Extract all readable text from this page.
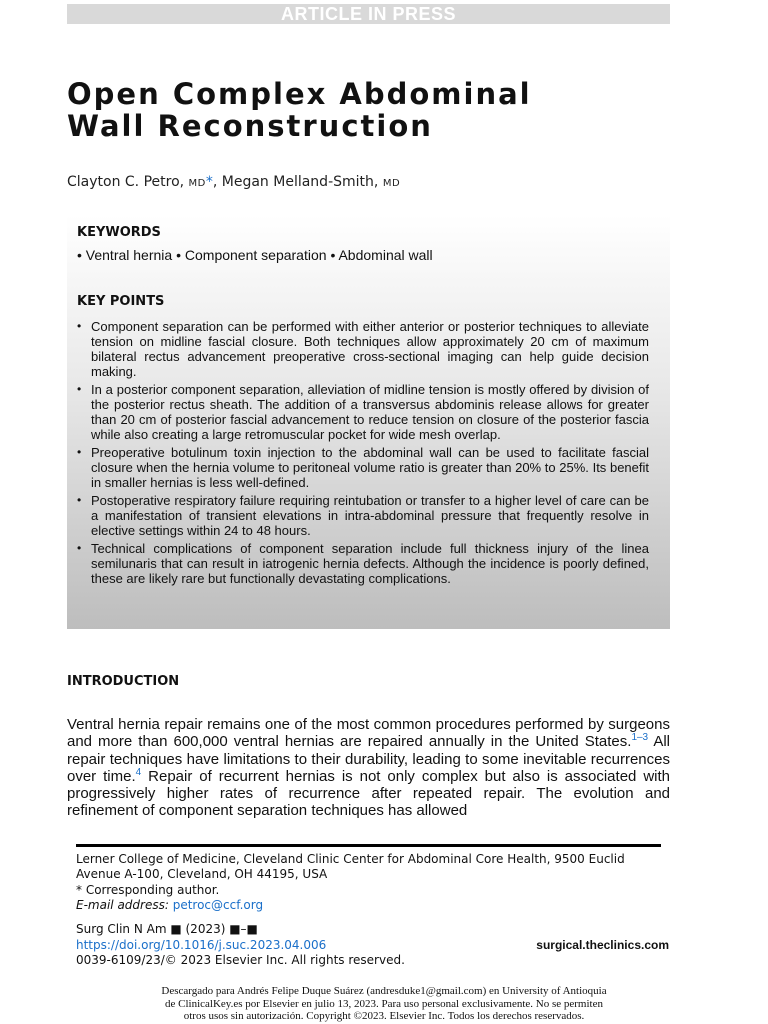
ARTICLE IN PRESS
Open Complex Abdominal
Wall Reconstruction
Clayton C. Petro, MD*, Megan Melland-Smith, MD
KEYWORDS
• Ventral hernia • Component separation • Abdominal wall
KEY POINTS
• Component separation can be performed with either anterior or posterior techniques to alleviate tension on midline fascial closure. Both techniques allow approximately 20 cm of maximum bilateral rectus advancement preoperative cross-sectional imaging can help guide decision making.
• In a posterior component separation, alleviation of midline tension is mostly offered by division of the posterior rectus sheath. The addition of a transversus abdominis release allows for greater than 20 cm of posterior fascial advancement to reduce tension on closure of the posterior fascia while also creating a large retromuscular pocket for wide mesh overlap.
• Preoperative botulinum toxin injection to the abdominal wall can be used to facilitate fascial closure when the hernia volume to peritoneal volume ratio is greater than 20% to 25%. Its benefit in smaller hernias is less well-defined.
• Postoperative respiratory failure requiring reintubation or transfer to a higher level of care can be a manifestation of transient elevations in intra-abdominal pressure that frequently resolve in elective settings within 24 to 48 hours.
• Technical complications of component separation include full thickness injury of the linea semilunaris that can result in iatrogenic hernia defects. Although the incidence is poorly defined, these are likely rare but functionally devastating complications.
INTRODUCTION

Ventral hernia repair remains one of the most common procedures performed by surgeons and more than 600,000 ventral hernias are repaired annually in the United States.$^{1-3}$ All repair techniques have limitations to their durability, leading to some inevitable recurrences over time.$^4$ Repair of recurrent hernias is not only complex but also is associated with progressively higher rates of recurrence after repeated repair. The evolution and refinement of component separation techniques has allowed

Lerner College of Medicine, Cleveland Clinic Center for Abdominal Core Health, 9500 Euclid Avenue A-100, Cleveland, OH 44195, USA

* Corresponding author.

E-mail address: petroc@ccf.org

Surg Clin N Am ■ (2023) ■–■

https://doi.org/10.1016/j.suc.2023.04.006

0039-6109/23/© 2023 Elsevier Inc. All rights reserved.

surgical.theclinics.com

Descargado para Andrés Felipe Duque Suárez (andresduke1@gmail.com) en University of Antioquia

de ClinicalKey.es por Elsevier en julio 13, 2023. Para uso personal exclusivamente. No se permiten

otros usos sin autorización. Copyright ©2023. Elsevier Inc. Todos los derechos reservados.
